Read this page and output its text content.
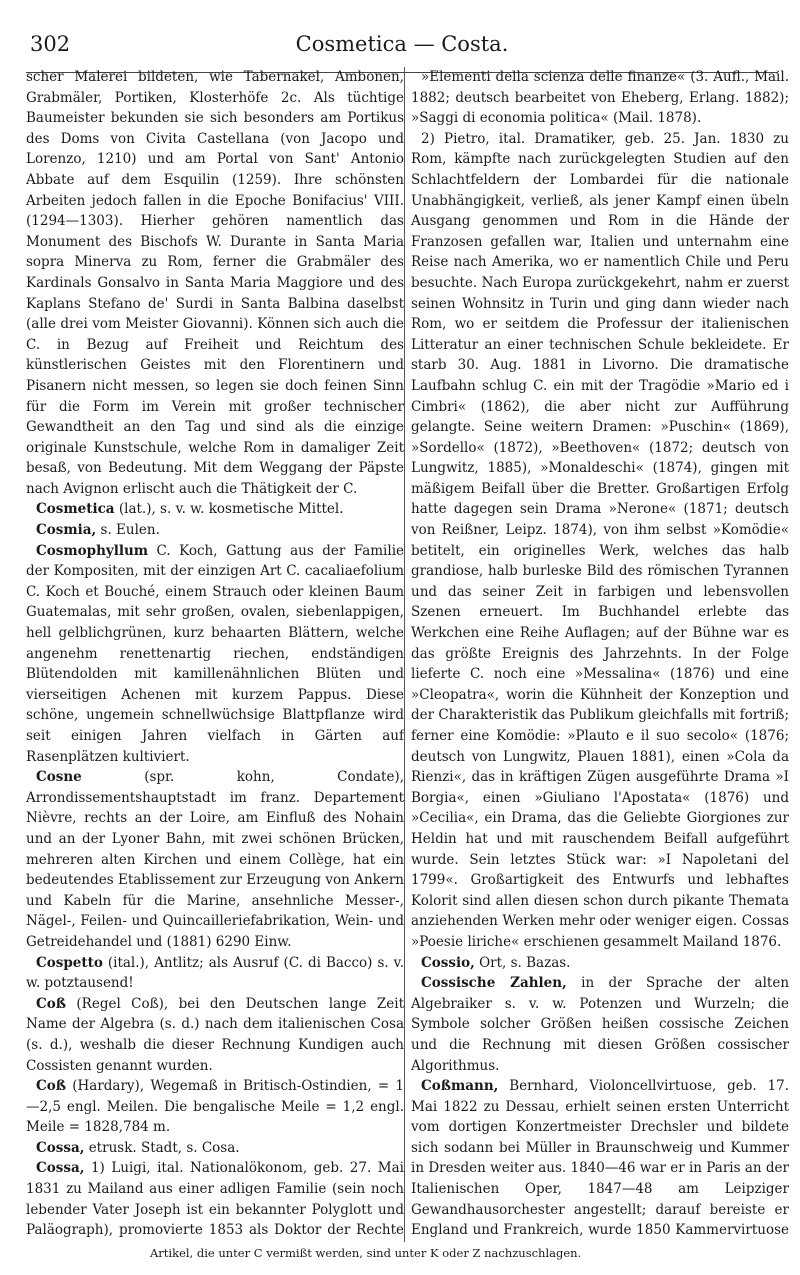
302	Cosmetica — Costa.

scher Malerei bildeten, wie Tabernakel, Ambonen, Grabmäler, Portiken, Klosterhöfe 2c. Als tüchtige Baumeister bekunden sie sich besonders am Portikus des Doms von Civita Castellana (von Jacopo und Lorenzo, 1210) und am Portal von Sant' Antonio Abbate auf dem Esquilin (1259). Ihre schönsten Arbeiten jedoch fallen in die Epoche Bonifacius' VIII. (1294—1303). Hierher gehören namentlich das Monument des Bischofs W. Durante in Santa Maria sopra Minerva zu Rom, ferner die Grabmäler des Kardinals Gonsalvo in Santa Maria Maggiore und des Kaplans Stefano de' Surdi in Santa Balbina daselbst (alle drei vom Meister Giovanni). Können sich auch die C. in Bezug auf Freiheit und Reichtum des künstlerischen Geistes mit den Florentinern und Pisanern nicht messen, so legen sie doch feinen Sinn für die Form im Verein mit großer technischer Gewandtheit an den Tag und sind als die einzige originale Kunstschule, welche Rom in damaliger Zeit besaß, von Bedeutung. Mit dem Weggang der Päpste nach Avignon erlischt auch die Thätigkeit der C.

Cosmetica (lat.), s. v. w. kosmetische Mittel.

Cosmia, s. Eulen.

Cosmophyllum C. Koch, Gattung aus der Familie der Kompositen, mit der einzigen Art C. cacaliaefolium C. Koch et Bouché, einem Strauch oder kleinen Baum Guatemalas, mit sehr großen, ovalen, siebenlappigen, hell gelblichgrünen, kurz behaarten Blättern, welche angenehm renettenartig riechen, endständigen Blütendolden mit kamillenähnlichen Blüten und vierseitigen Achenen mit kurzem Pappus. Diese schöne, ungemein schnellwüchsige Blattpflanze wird seit einigen Jahren vielfach in Gärten auf Rasenplätzen kultiviert.

Cosne (spr. kohn, Condate), Arrondissementshauptstadt im franz. Departement Nièvre, rechts an der Loire, am Einfluß des Nohain und an der Lyoner Bahn, mit zwei schönen Brücken, mehreren alten Kirchen und einem Collège, hat ein bedeutendes Etablissement zur Erzeugung von Ankern und Kabeln für die Marine, ansehnliche Messer-, Nägel-, Feilen- und Quincailleriefabrikation, Wein- und Getreidehandel und (1881) 6290 Einw.

Cospetto (ital.), Antlitz; als Ausruf (C. di Bacco) s. v. w. potztausend!

Coß (Regel Coß), bei den Deutschen lange Zeit Name der Algebra (s. d.) nach dem italienischen Cosa (s. d.), weshalb die dieser Rechnung Kundigen auch Cossisten genannt wurden.

Coß (Hardary), Wegemaß in Britisch-Ostindien, = 1—2,5 engl. Meilen. Die bengalische Meile = 1,2 engl. Meile = 1828,784 m.

Cossa, etrusk. Stadt, s. Cosa.

Cossa, 1) Luigi, ital. Nationalökonom, geb. 27. Mai 1831 zu Mailand aus einer adligen Familie (sein noch lebender Vater Joseph ist ein bekannter Polyglott und Paläograph), promovierte 1853 als Doktor der Rechte

»Elementi della scienza delle finanze« (3. Aufl., Mail. 1882; deutsch bearbeitet von Eheberg, Erlang. 1882); »Saggi di economia politica« (Mail. 1878).

2) Pietro, ital. Dramatiker, geb. 25. Jan. 1830 zu Rom, kämpfte nach zurückgelegten Studien auf den Schlachtfeldern der Lombardei für die nationale Unabhängigkeit, verließ, als jener Kampf einen übeln Ausgang genommen und Rom in die Hände der Franzosen gefallen war, Italien und unternahm eine Reise nach Amerika, wo er namentlich Chile und Peru besuchte. Nach Europa zurückgekehrt, nahm er zuerst seinen Wohnsitz in Turin und ging dann wieder nach Rom, wo er seitdem die Professur der italienischen Litteratur an einer technischen Schule bekleidete. Er starb 30. Aug. 1881 in Livorno. Die dramatische Laufbahn schlug C. ein mit der Tragödie »Mario ed i Cimbri« (1862), die aber nicht zur Aufführung gelangte. Seine weitern Dramen: »Puschin« (1869), »Sordello« (1872), »Beethoven« (1872; deutsch von Lungwitz, 1885), »Monaldeschi« (1874), gingen mit mäßigem Beifall über die Bretter. Großartigen Erfolg hatte dagegen sein Drama »Nerone« (1871; deutsch von Reißner, Leipz. 1874), von ihm selbst »Komödie« betitelt, ein originelles Werk, welches das halb grandiose, halb burleske Bild des römischen Tyrannen und das seiner Zeit in farbigen und lebensvollen Szenen erneuert. Im Buchhandel erlebte das Werkchen eine Reihe Auflagen; auf der Bühne war es das größte Ereignis des Jahrzehnts. In der Folge lieferte C. noch eine »Messalina« (1876) und eine »Cleopatra«, worin die Kühnheit der Konzeption und der Charakteristik das Publikum gleichfalls mit fortriß; ferner eine Komödie: »Plauto e il suo secolo« (1876; deutsch von Lungwitz, Plauen 1881), einen »Cola da Rienzi«, das in kräftigen Zügen ausgeführte Drama »I Borgia«, einen »Giuliano l'Apostata« (1876) und »Cecilia«, ein Drama, das die Geliebte Giorgiones zur Heldin hat und mit rauschendem Beifall aufgeführt wurde. Sein letztes Stück war: »I Napoletani del 1799«. Großartigkeit des Entwurfs und lebhaftes Kolorit sind allen diesen schon durch pikante Themata anziehenden Werken mehr oder weniger eigen. Cossas »Poesie liriche« erschienen gesammelt Mailand 1876.

Cossio, Ort, s. Bazas.

Cossische Zahlen, in der Sprache der alten Algebraiker s. v. w. Potenzen und Wurzeln; die Symbole solcher Größen heißen cossische Zeichen und die Rechnung mit diesen Größen cossischer Algorithmus.

Coßmann, Bernhard, Violoncellvirtuose, geb. 17. Mai 1822 zu Dessau, erhielt seinen ersten Unterricht vom dortigen Konzertmeister Drechsler und bildete sich sodann bei Müller in Braunschweig und Kummer in Dresden weiter aus. 1840—46 war er in Paris an der Italienischen Oper, 1847—48 am Leipziger Gewandhausorchester angestellt; darauf bereiste er England und Frankreich, wurde 1850 Kammervirtuose

Artikel, die unter C vermißt werden, sind unter K oder Z nachzuschlagen.
